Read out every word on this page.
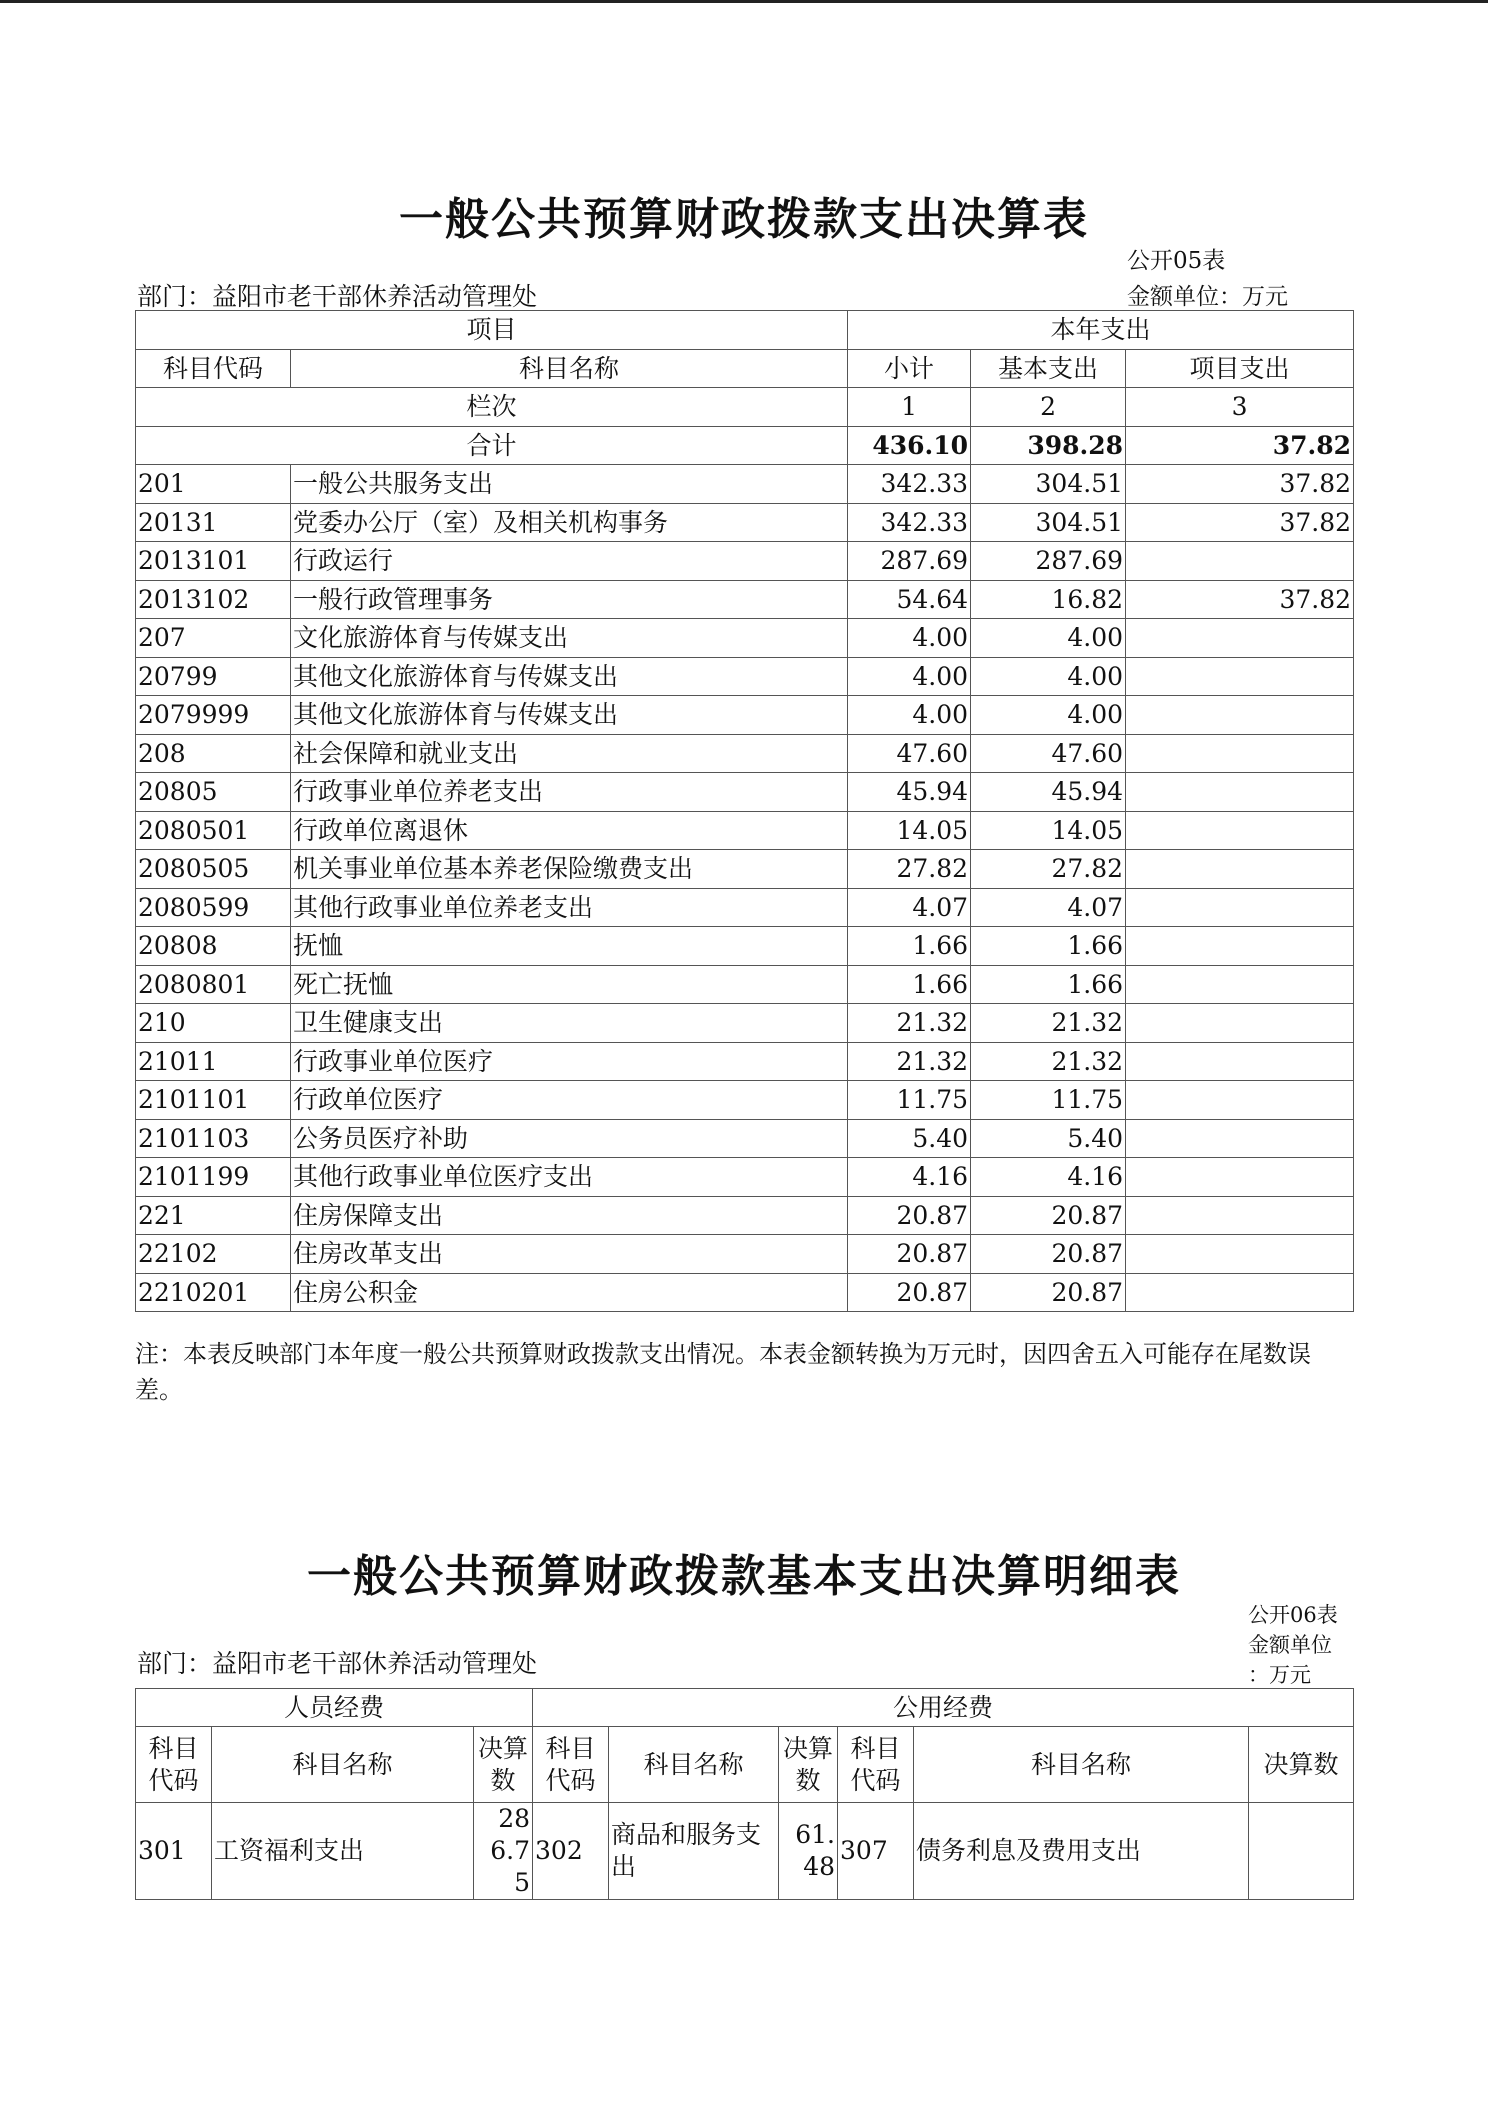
一般公共预算财政拨款支出决算表
公开05表
部门：益阳市老干部休养活动管理处	金额单位：万元
项目		本年支出		
科目代码	科目名称	小计	基本支出	项目支出
栏次		1	2	3
合计		436.10	398.28	37.82
201	一般公共服务支出	342.33	304.51	37.82
20131	党委办公厅（室）及相关机构事务	342.33	304.51	37.82
2013101	行政运行	287.69	287.69	
2013102	一般行政管理事务	54.64	16.82	37.82
207	文化旅游体育与传媒支出	4.00	4.00	
20799	其他文化旅游体育与传媒支出	4.00	4.00	
2079999	其他文化旅游体育与传媒支出	4.00	4.00	
208	社会保障和就业支出	47.60	47.60	
20805	行政事业单位养老支出	45.94	45.94	
2080501	行政单位离退休	14.05	14.05	
2080505	机关事业单位基本养老保险缴费支出	27.82	27.82	
2080599	其他行政事业单位养老支出	4.07	4.07	
20808	抚恤	1.66	1.66	
2080801	死亡抚恤	1.66	1.66	
210	卫生健康支出	21.32	21.32	
21011	行政事业单位医疗	21.32	21.32	
2101101	行政单位医疗	11.75	11.75	
2101103	公务员医疗补助	5.40	5.40	
2101199	其他行政事业单位医疗支出	4.16	4.16	
221	住房保障支出	20.87	20.87	
22102	住房改革支出	20.87	20.87	
2210201	住房公积金	20.87	20.87	
注：本表反映部门本年度一般公共预算财政拨款支出情况。本表金额转换为万元时，因四舍五入可能存在尾数误差。
一般公共预算财政拨款基本支出决算明细表
公开06表
金额单位
：万元
部门：益阳市老干部休养活动管理处
人员经费			公用经费					
科目代码	科目名称	决算数	科目代码	科目名称	决算数	科目代码	科目名称	决算数
301	工资福利支出	286.75	302	商品和服务支出	61.48	307	债务利息及费用支出	
